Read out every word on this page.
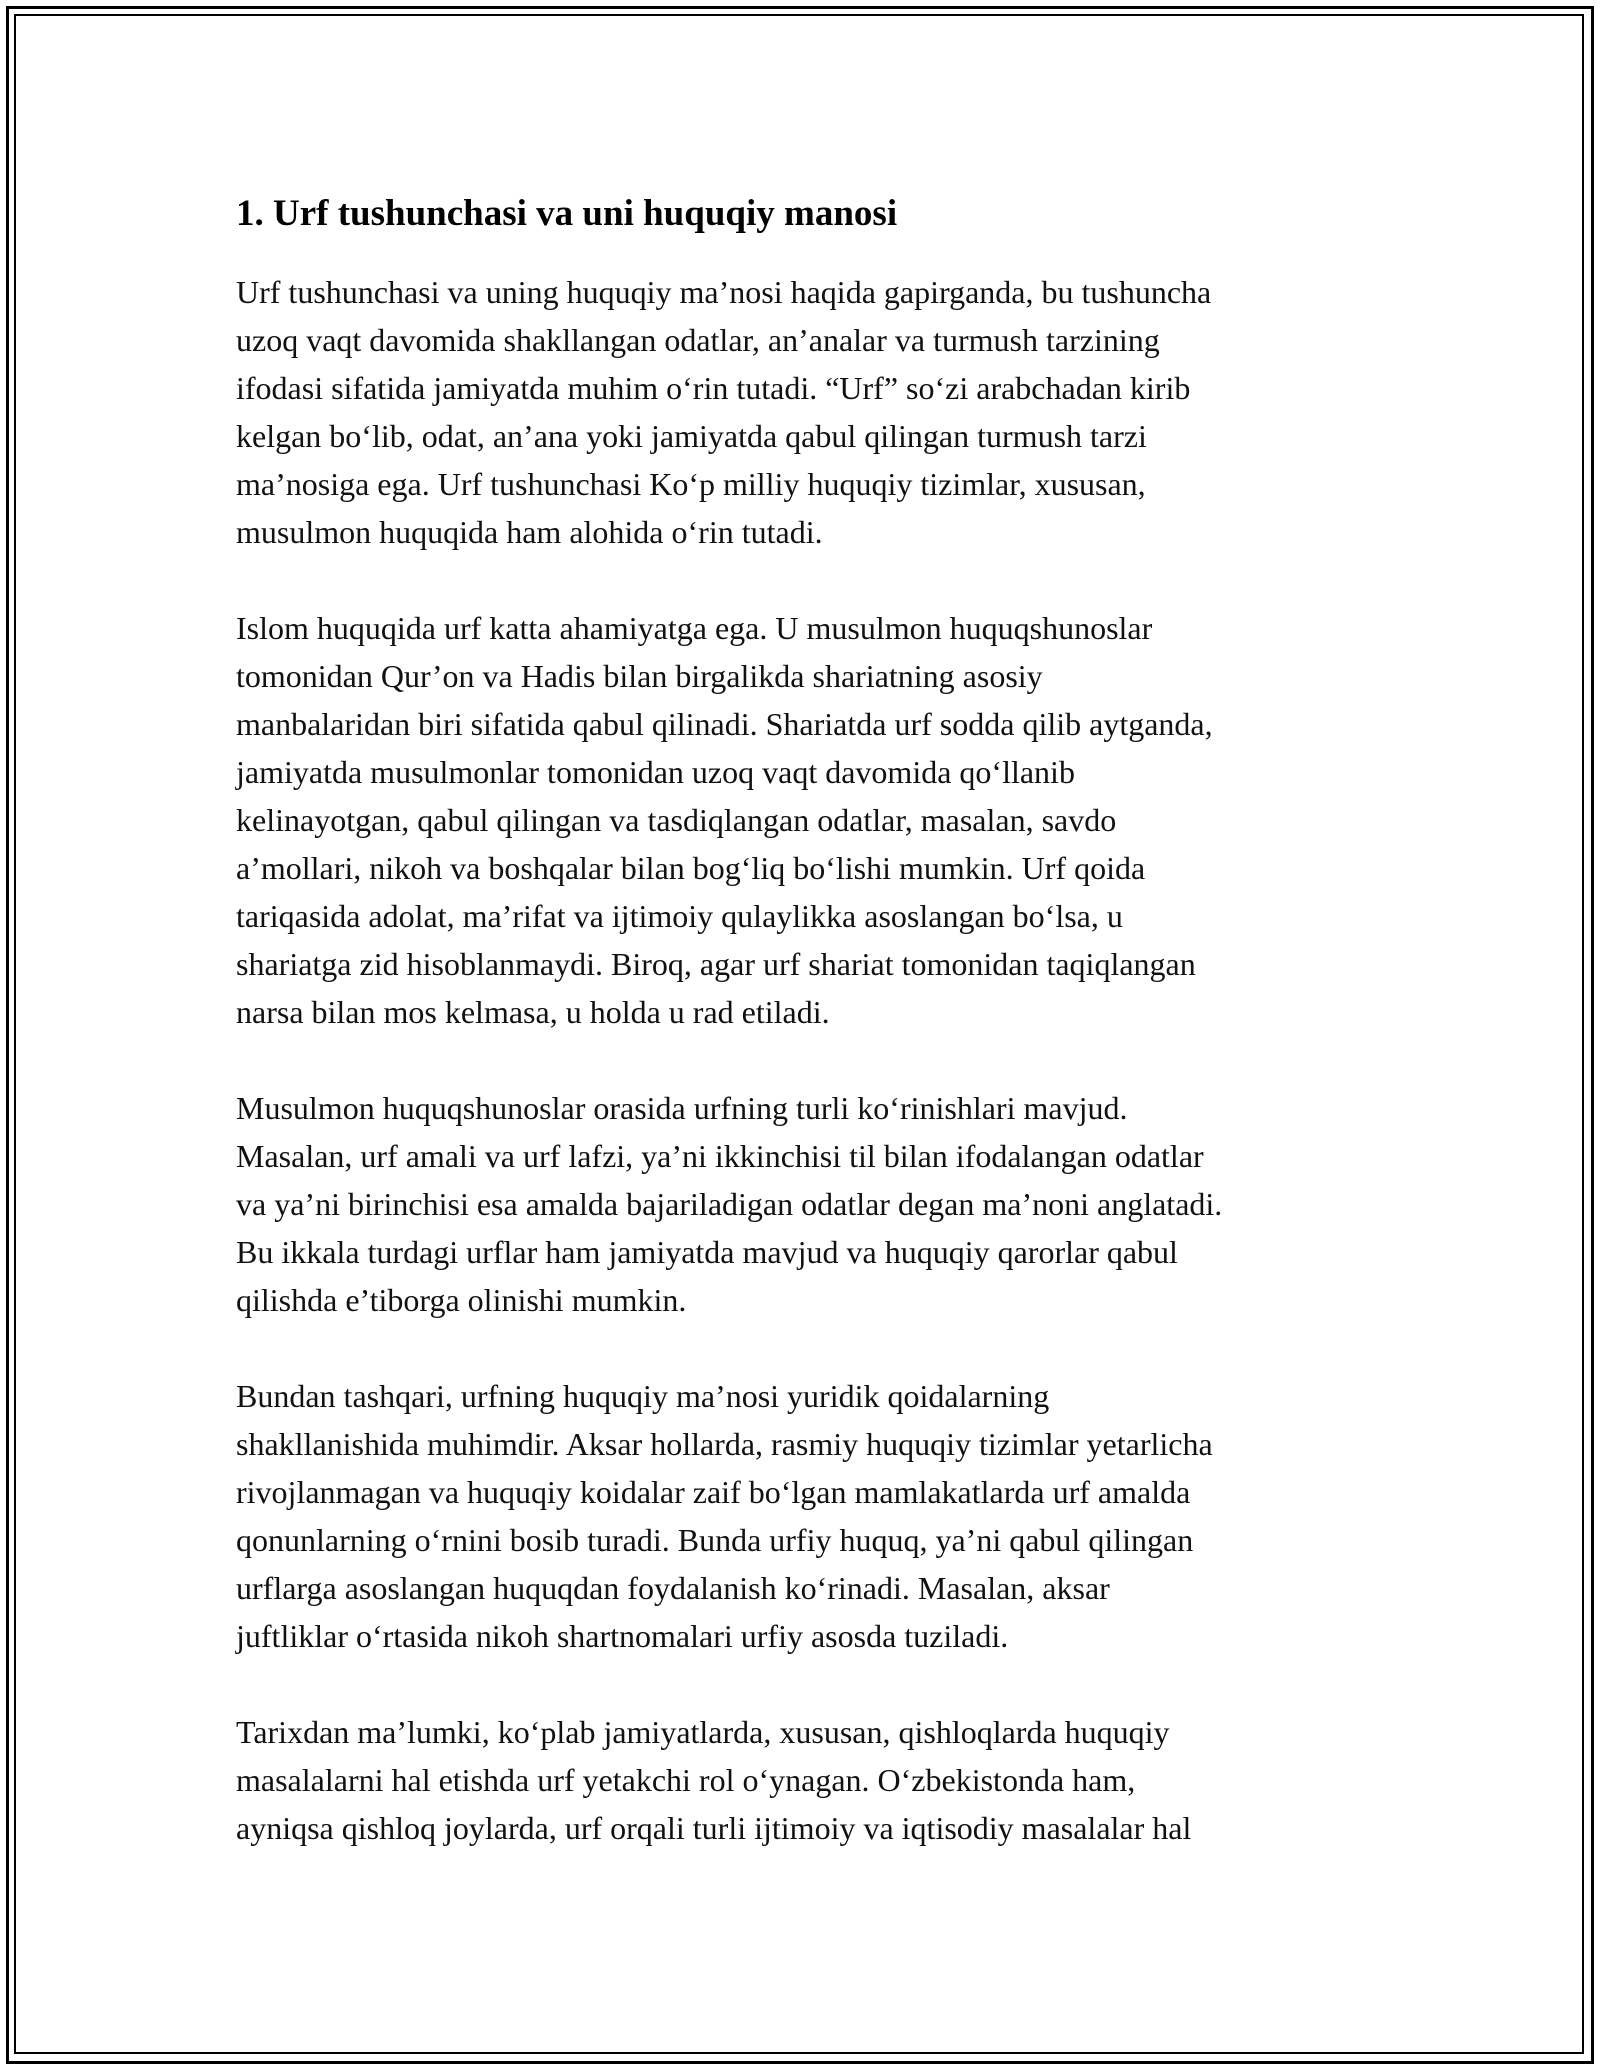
1. Urf tushunchasi va uni huquqiy manosi

Urf tushunchasi va uning huquqiy ma’nosi haqida gapirganda, bu tushuncha
uzoq vaqt davomida shakllangan odatlar, an’analar va turmush tarzining
ifodasi sifatida jamiyatda muhim o‘rin tutadi. “Urf” so‘zi arabchadan kirib
kelgan bo‘lib, odat, an’ana yoki jamiyatda qabul qilingan turmush tarzi
ma’nosiga ega. Urf tushunchasi Ko‘p milliy huquqiy tizimlar, xususan,
musulmon huquqida ham alohida o‘rin tutadi.

Islom huquqida urf katta ahamiyatga ega. U musulmon huquqshunoslar
tomonidan Qur’on va Hadis bilan birgalikda shariatning asosiy
manbalaridan biri sifatida qabul qilinadi. Shariatda urf sodda qilib aytganda,
jamiyatda musulmonlar tomonidan uzoq vaqt davomida qo‘llanib
kelinayotgan, qabul qilingan va tasdiqlangan odatlar, masalan, savdo
a’mollari, nikoh va boshqalar bilan bog‘liq bo‘lishi mumkin. Urf qoida
tariqasida adolat, ma’rifat va ijtimoiy qulaylikka asoslangan bo‘lsa, u
shariatga zid hisoblanmaydi. Biroq, agar urf shariat tomonidan taqiqlangan
narsa bilan mos kelmasa, u holda u rad etiladi.

Musulmon huquqshunoslar orasida urfning turli ko‘rinishlari mavjud.
Masalan, urf amali va urf lafzi, ya’ni ikkinchisi til bilan ifodalangan odatlar
va ya’ni birinchisi esa amalda bajariladigan odatlar degan ma’noni anglatadi.
Bu ikkala turdagi urflar ham jamiyatda mavjud va huquqiy qarorlar qabul
qilishda e’tiborga olinishi mumkin.

Bundan tashqari, urfning huquqiy ma’nosi yuridik qoidalarning
shakllanishida muhimdir. Aksar hollarda, rasmiy huquqiy tizimlar yetarlicha
rivojlanmagan va huquqiy koidalar zaif bo‘lgan mamlakatlarda urf amalda
qonunlarning o‘rnini bosib turadi. Bunda urfiy huquq, ya’ni qabul qilingan
urflarga asoslangan huquqdan foydalanish ko‘rinadi. Masalan, aksar
juftliklar o‘rtasida nikoh shartnomalari urfiy asosda tuziladi.

Tarixdan ma’lumki, ko‘plab jamiyatlarda, xususan, qishloqlarda huquqiy
masalalarni hal etishda urf yetakchi rol o‘ynagan. O‘zbekistonda ham,
ayniqsa qishloq joylarda, urf orqali turli ijtimoiy va iqtisodiy masalalar hal
